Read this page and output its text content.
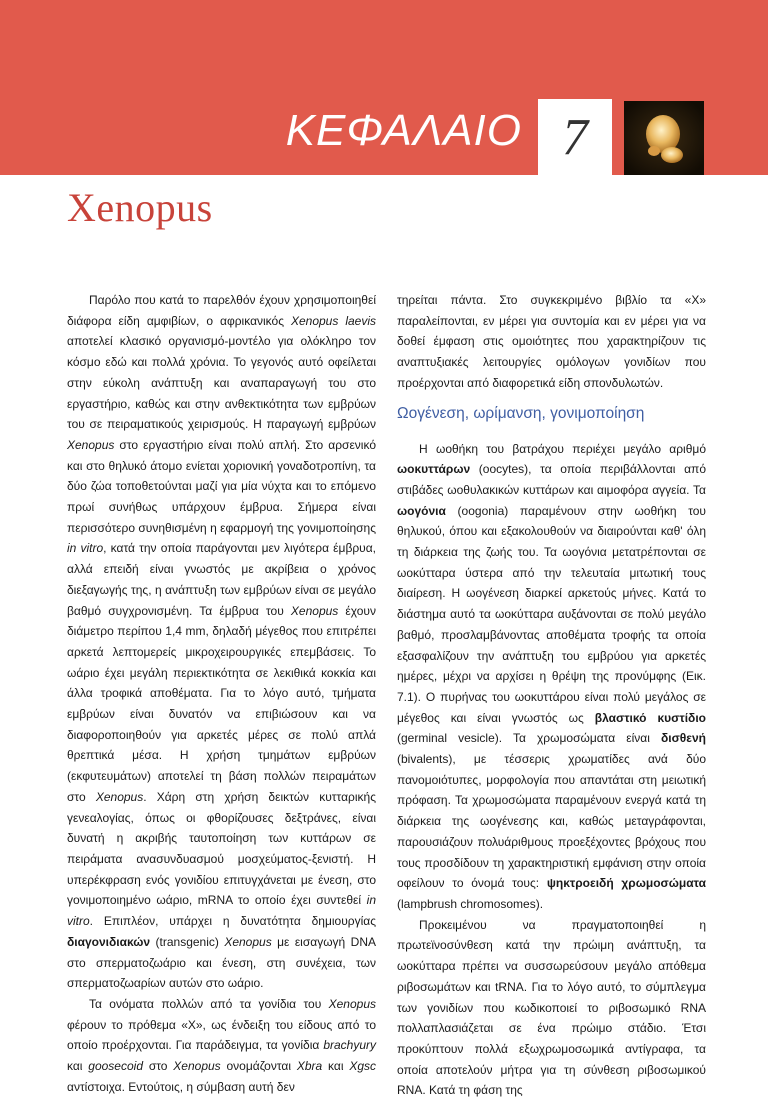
ΚΕΦΑΛΑΙΟ 7
Xenopus

Παρόλο που κατά το παρελθόν έχουν χρησιμοποιηθεί διάφορα είδη αμφιβίων, ο αφρικανικός Xenopus laevis αποτελεί κλασικό οργανισμό-μοντέλο για ολόκληρο τον κόσμο εδώ και πολλά χρόνια. Το γεγονός αυτό οφείλεται στην εύκολη ανάπτυξη και αναπαραγωγή του στο εργαστήριο, καθώς και στην ανθεκτικότητα των εμβρύων του σε πειραματικούς χειρισμούς. Η παραγωγή εμβρύων Xenopus στο εργαστήριο είναι πολύ απλή. Στο αρσενικό και στο θηλυκό άτομο ενίεται χοριονική γοναδοτροπίνη, τα δύο ζώα τοποθετούνται μαζί για μία νύχτα και το επόμενο πρωί συνήθως υπάρχουν έμβρυα. Σήμερα είναι περισσότερο συνηθισμένη η εφαρμογή της γονιμοποίησης in vitro, κατά την οποία παράγονται μεν λιγότερα έμβρυα, αλλά επειδή είναι γνωστός με ακρίβεια ο χρόνος διεξαγωγής της, η ανάπτυξη των εμβρύων είναι σε μεγάλο βαθμό συγχρονισμένη. Τα έμβρυα του Xenopus έχουν διάμετρο περίπου 1,4 mm, δηλαδή μέγεθος που επιτρέπει αρκετά λεπτομερείς μικροχειρουργικές επεμβάσεις. Το ωάριο έχει μεγάλη περιεκτικότητα σε λεκιθικά κοκκία και άλλα τροφικά αποθέματα. Για το λόγο αυτό, τμήματα εμβρύων είναι δυνατόν να επιβιώσουν και να διαφοροποιηθούν για αρκετές μέρες σε πολύ απλά θρεπτικά μέσα. Η χρήση τμημάτων εμβρύων (εκφυτευμάτων) αποτελεί τη βάση πολλών πειραμάτων στο Xenopus. Χάρη στη χρήση δεικτών κυτταρικής γενεαλογίας, όπως οι φθορίζουσες δεξτράνες, είναι δυνατή η ακριβής ταυτοποίηση των κυττάρων σε πειράματα ανασυνδυασμού μοσχεύματος-ξενιστή. Η υπερέκφραση ενός γονιδίου επιτυγχάνεται με ένεση, στο γονιμοποιημένο ωάριο, mRNA το οποίο έχει συντεθεί in vitro. Επιπλέον, υπάρχει η δυνατότητα δημιουργίας διαγονιδιακών (transgenic) Xenopus με εισαγωγή DNA στο σπερματοζωάριο και ένεση, στη συνέχεια, των σπερματοζωαρίων αυτών στο ωάριο.

Τα ονόματα πολλών από τα γονίδια του Xenopus φέρουν το πρόθεμα «X», ως ένδειξη του είδους από το οποίο προέρχονται. Για παράδειγμα, τα γονίδια brachyury και goosecoid στο Xenopus ονομάζονται Xbra και Xgsc αντίστοιχα. Εντούτοις, η σύμβαση αυτή δεν

τηρείται πάντα. Στο συγκεκριμένο βιβλίο τα «X» παραλείπονται, εν μέρει για συντομία και εν μέρει για να δοθεί έμφαση στις ομοιότητες που χαρακτηρίζουν τις αναπτυξιακές λειτουργίες ομόλογων γονιδίων που προέρχονται από διαφορετικά είδη σπονδυλωτών.

Ωογένεση, ωρίμανση, γονιμοποίηση

Η ωοθήκη του βατράχου περιέχει μεγάλο αριθμό ωοκυττάρων (oocytes), τα οποία περιβάλλονται από στιβάδες ωοθυλακικών κυττάρων και αιμοφόρα αγγεία. Τα ωογόνια (oogonia) παραμένουν στην ωοθήκη του θηλυκού, όπου και εξακολουθούν να διαιρούνται καθ' όλη τη διάρκεια της ζωής του. Τα ωογόνια μετατρέπονται σε ωοκύτταρα ύστερα από την τελευταία μιτωτική τους διαίρεση. Η ωογένεση διαρκεί αρκετούς μήνες. Κατά το διάστημα αυτό τα ωοκύτταρα αυξάνονται σε πολύ μεγάλο βαθμό, προσλαμβάνοντας αποθέματα τροφής τα οποία εξασφαλίζουν την ανάπτυξη του εμβρύου για αρκετές ημέρες, μέχρι να αρχίσει η θρέψη της προνύμφης (Εικ. 7.1). Ο πυρήνας του ωοκυττάρου είναι πολύ μεγάλος σε μέγεθος και είναι γνωστός ως βλαστικό κυστίδιο (germinal vesicle). Τα χρωμοσώματα είναι δισθενή (bivalents), με τέσσερις χρωματίδες ανά δύο πανομοιότυπες, μορφολογία που απαντάται στη μειωτική πρόφαση. Τα χρωμοσώματα παραμένουν ενεργά κατά τη διάρκεια της ωογένεσης και, καθώς μεταγράφονται, παρουσιάζουν πολυάριθμους προεξέχοντες βρόχους που τους προσδίδουν τη χαρακτηριστική εμφάνιση στην οποία οφείλουν το όνομά τους: ψηκτροειδή χρωμοσώματα (lampbrush chromosomes).

Προκειμένου να πραγματοποιηθεί η πρωτεϊνοσύνθεση κατά την πρώιμη ανάπτυξη, τα ωοκύτταρα πρέπει να συσσωρεύσουν μεγάλο απόθεμα ριβοσωμάτων και tRNA. Για το λόγο αυτό, το σύμπλεγμα των γονιδίων που κωδικοποιεί το ριβοσωμικό RNA πολλαπλασιάζεται σε ένα πρώιμο στάδιο. Έτσι προκύπτουν πολλά εξωχρωμοσωμικά αντίγραφα, τα οποία αποτελούν μήτρα για τη σύνθεση ριβοσωμικού RNA. Κατά τη φάση της
